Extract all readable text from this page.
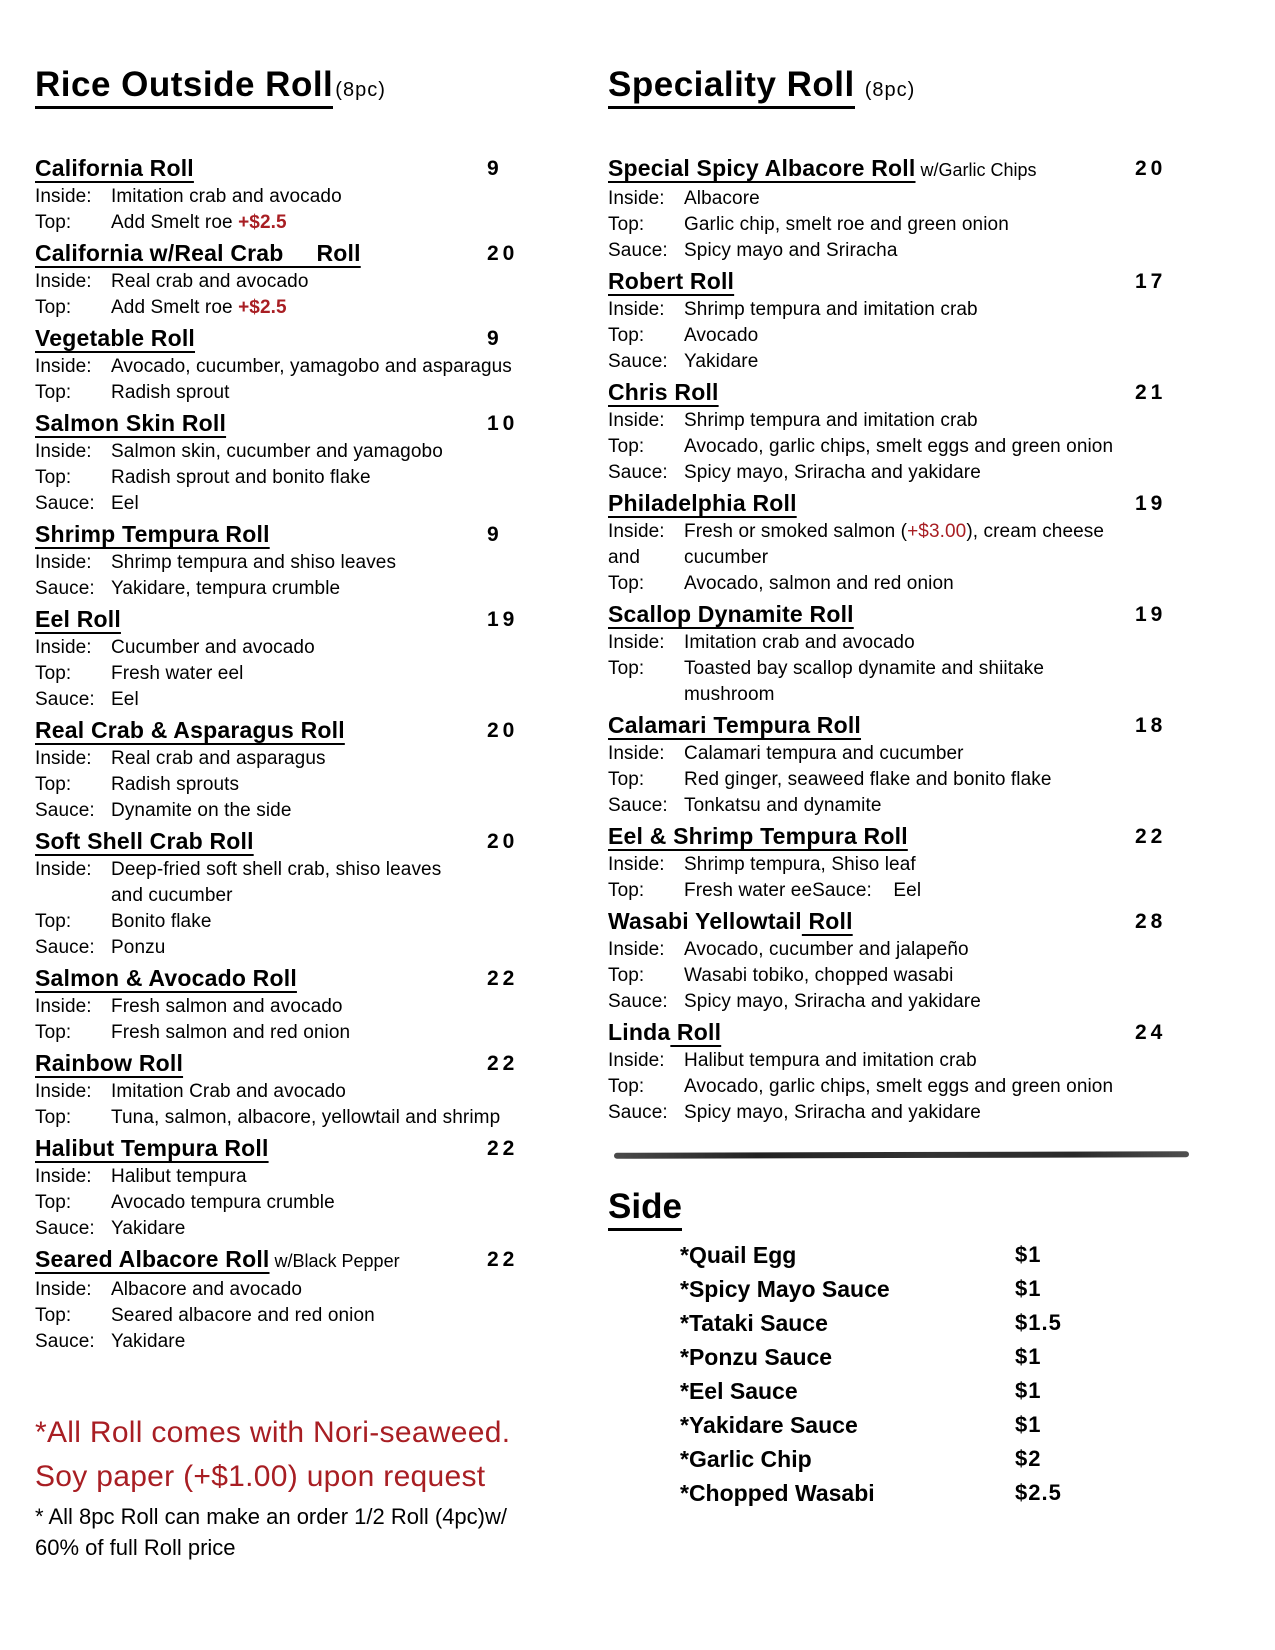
Rice Outside Roll (8pc)
California Roll	9
Inside:	Imitation crab and avocado
Top:	Add Smelt roe +$2.5
California w/Real Crab     Roll	20
Inside:	Real crab and avocado
Top:	Add Smelt roe +$2.5
Vegetable Roll	9
Inside:	Avocado, cucumber, yamagobo and asparagus
Top:	Radish sprout
Salmon Skin Roll	10
Inside:	Salmon skin, cucumber and yamagobo
Top:	Radish sprout and bonito flake
Sauce: Eel
Shrimp Tempura Roll	9
Inside:	Shrimp tempura and shiso leaves
Sauce: Yakidare, tempura crumble
Eel Roll	19
Inside:	Cucumber and avocado
Top:	Fresh water eel
Sauce: Eel
Real Crab & Asparagus Roll	20
Inside:	Real crab and asparagus
Top:	Radish sprouts
Sauce: Dynamite on the side
Soft Shell Crab Roll	20
Inside:	Deep-fried soft shell crab, shiso leaves
and cucumber
Top:	Bonito flake
Sauce: Ponzu
Salmon & Avocado Roll	22
Inside:	Fresh salmon and avocado
Top:	Fresh salmon and red onion
Rainbow Roll	22
Inside:	Imitation Crab and avocado
Top:	Tuna, salmon, albacore, yellowtail and shrimp
Halibut Tempura Roll	22
Inside:	Halibut tempura
Top:	Avocado tempura crumble
Sauce: Yakidare
Seared Albacore Roll w/Black Pepper	22
Inside:	Albacore and avocado
Top:	Seared albacore and red onion
Sauce: Yakidare
*All Roll comes with Nori-seaweed.
Soy paper (+$1.00) upon request
* All 8pc Roll can make an order 1/2 Roll (4pc)w/
60% of full Roll price
Speciality Roll (8pc)
Special Spicy Albacore Roll w/Garlic Chips	20
Inside:	Albacore
Top:	Garlic chip, smelt roe and green onion
Sauce: Spicy mayo and Sriracha
Robert Roll	17
Inside:	Shrimp tempura and imitation crab
Top:	Avocado
Sauce: Yakidare
Chris Roll	21
Inside:	Shrimp tempura and imitation crab
Top:	Avocado, garlic chips, smelt eggs and green onion
Sauce: Spicy mayo, Sriracha and yakidare
Philadelphia Roll	19
Inside:	Fresh or smoked salmon (+$3.00), cream cheese
and	cucumber
Top:	Avocado, salmon and red onion
Scallop Dynamite Roll	19
Inside:	Imitation crab and avocado
Top:	Toasted bay scallop dynamite and shiitake
mushroom
Calamari Tempura Roll	18
Inside:	Calamari tempura and cucumber
Top:	Red ginger, seaweed flake and bonito flake
Sauce: Tonkatsu and dynamite
Eel & Shrimp Tempura Roll	22
Inside:	Shrimp tempura, Shiso leaf
Top:	Fresh water eeSauce:    Eel
Wasabi Yellowtail Roll	28
Inside:	Avocado, cucumber and jalapeño
Top:	Wasabi tobiko, chopped wasabi
Sauce: Spicy mayo, Sriracha and yakidare
Linda Roll	24
Inside:	Halibut tempura and imitation crab
Top:	Avocado, garlic chips, smelt eggs and green onion
Sauce: Spicy mayo, Sriracha and yakidare
Side
*Quail Egg	$1
*Spicy Mayo Sauce	$1
*Tataki Sauce	$1.5
*Ponzu Sauce	$1
*Eel Sauce	$1
*Yakidare Sauce	$1
*Garlic Chip	$2
*Chopped Wasabi	$2.5
